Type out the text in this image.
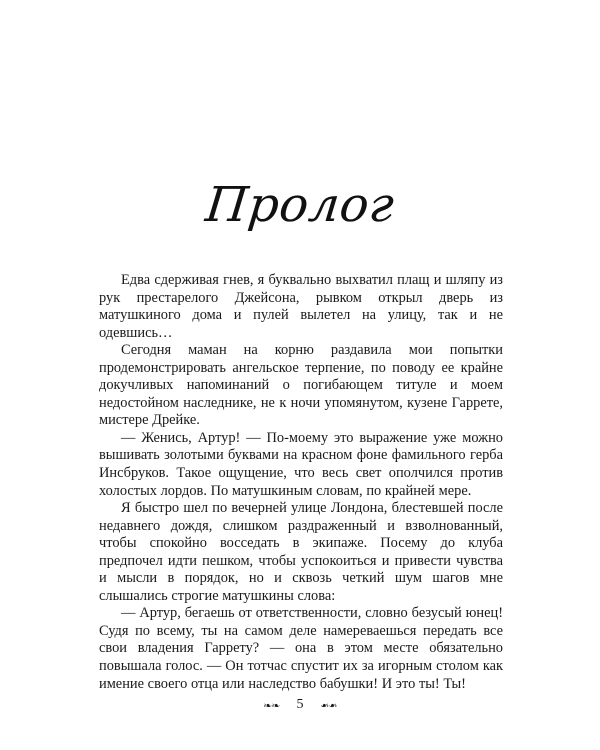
Пролог

Едва сдерживая гнев, я буквально выхватил плащ и шляпу из рук престарелого Джейсона, рывком открыл дверь из матушкиного дома и пулей вылетел на улицу, так и не одевшись…

Сегодня маман на корню раздавила мои попытки продемонстрировать ангельское терпение, по поводу ее крайне докучливых напоминаний о погибающем титуле и моем недостойном наследнике, не к ночи упомянутом, кузене Гаррете, мистере Дрейке.

— Женись, Артур! — По-моему это выражение уже можно вышивать золотыми буквами на красном фоне фамильного герба Инсбруков. Такое ощущение, что весь свет ополчился против холостых лордов. По матушкиным словам, по крайней мере.

Я быстро шел по вечерней улице Лондона, блестевшей после недавнего дождя, слишком раздраженный и взволнованный, чтобы спокойно восседать в экипаже. Посему до клуба предпочел идти пешком, чтобы успокоиться и привести чувства и мысли в порядок, но и сквозь четкий шум шагов мне слышались строгие матушкины слова:

— Артур, бегаешь от ответственности, словно безусый юнец! Судя по всему, ты на самом деле намереваешься передать все свои владения Гаррету? — она в этом месте обязательно повышала голос. — Он тотчас спустит их за игорным столом как имение своего отца или наследство бабушки! И это ты! Ты!

❧❧ 5 ❧❧
